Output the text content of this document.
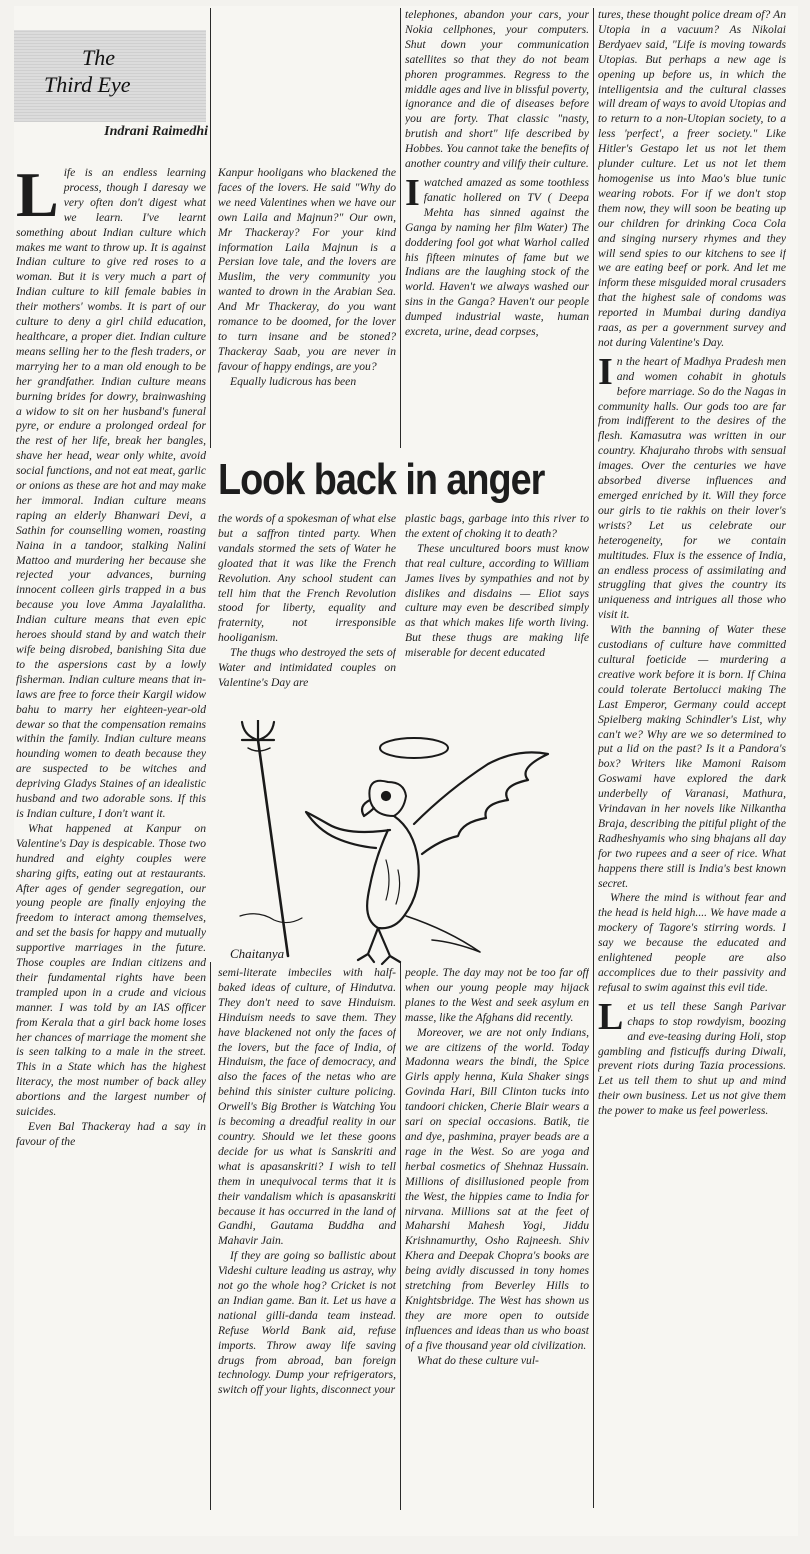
The
Third Eye
Indrani Raimedhi

Life is an endless learning process, though I daresay we very often don't digest what we learn. I've learnt something about Indian culture which makes me want to throw up. It is against Indian culture to give red roses to a woman. But it is very much a part of Indian culture to kill female babies in their mothers' wombs. It is part of our culture to deny a girl child education, healthcare, a proper diet. Indian culture means selling her to the flesh traders, or marrying her to a man old enough to be her grandfather. Indian culture means burning brides for dowry, brainwashing a widow to sit on her husband's funeral pyre, or endure a prolonged ordeal for the rest of her life, break her bangles, shave her head, wear only white, avoid social functions, and not eat meat, garlic or onions as these are hot and may make her immoral. Indian culture means raping an elderly Bhanwari Devi, a Sathin for counselling women, roasting Naina in a tandoor, stalking Nalini Mattoo and murdering her because she rejected your advances, burning innocent colleen girls trapped in a bus because you love Amma Jayalalitha. Indian culture means that even epic heroes should stand by and watch their wife being disrobed, banishing Sita due to the aspersions cast by a lowly fisherman. Indian culture means that in-laws are free to force their Kargil widow bahu to marry her eighteen-year-old dewar so that the compensation remains within the family. Indian culture means hounding women to death because they are suspected to be witches and depriving Gladys Staines of an idealistic husband and two adorable sons. If this is Indian culture, I don't want it.

What happened at Kanpur on Valentine's Day is despicable. Those two hundred and eighty couples were sharing gifts, eating out at restaurants. After ages of gender segregation, our young people are finally enjoying the freedom to interact among themselves, and set the basis for happy and mutually supportive marriages in the future. Those couples are Indian citizens and their fundamental rights have been trampled upon in a crude and vicious manner. I was told by an IAS officer from Kerala that a girl back home loses her chances of marriage the moment she is seen talking to a male in the street. This in a State which has the highest literacy, the most number of back alley abortions and the largest number of suicides.

Even Bal Thackeray had a say in favour of the

Kanpur hooligans who blackened the faces of the lovers. He said "Why do we need Valentines when we have our own Laila and Majnun?" Our own, Mr Thackeray? For your kind information Laila Majnun is a Persian love tale, and the lovers are Muslim, the very community you wanted to drown in the Arabian Sea. And Mr Thackeray, do you want romance to be doomed, for the lover to turn insane and be stoned? Thackeray Saab, you are never in favour of happy endings, are you?

Equally ludicrous has been

telephones, abandon your cars, your Nokia cellphones, your computers. Shut down your communication satellites so that they do not beam phoren programmes. Regress to the middle ages and live in blissful poverty, ignorance and die of diseases before you are forty. That classic "nasty, brutish and short" life described by Hobbes. You cannot take the benefits of another country and vilify their culture.

Iwatched amazed as some toothless fanatic hollered on TV ( Deepa Mehta has sinned against the Ganga by naming her film Water) The doddering fool got what Warhol called his fifteen minutes of fame but we Indians are the laughing stock of the world. Haven't we always washed our sins in the Ganga? Haven't our people dumped industrial waste, human excreta, urine, dead corpses,

tures, these thought police dream of? An Utopia in a vacuum? As Nikolai Berdyaev said, "Life is moving towards Utopias. But perhaps a new age is opening up before us, in which the intelligentsia and the cultural classes will dream of ways to avoid Utopias and to return to a non-Utopian society, to a less 'perfect', a freer society." Like Hitler's Gestapo let us not let them plunder culture. Let us not let them homogenise us into Mao's blue tunic wearing robots. For if we don't stop them now, they will soon be beating up our children for drinking Coca Cola and singing nursery rhymes and they will send spies to our kitchens to see if we are eating beef or pork. And let me inform these misguided moral crusaders that the highest sale of condoms was reported in Mumbai during dandiya raas, as per a government survey and not during Valentine's Day.

In the heart of Madhya Pradesh men and women cohabit in ghotuls before marriage. So do the Nagas in community halls. Our gods too are far from indifferent to the desires of the flesh. Kamasutra was written in our country. Khajuraho throbs with sensual images. Over the centuries we have absorbed diverse influences and emerged enriched by it. Will they force our girls to tie rakhis on their lover's wrists? Let us celebrate our heterogeneity, for we contain multitudes. Flux is the essence of India, an endless process of assimilating and struggling that gives the country its uniqueness and intrigues all those who visit it.

With the banning of Water these custodians of culture have committed cultural foeticide — murdering a creative work before it is born. If China could tolerate Bertolucci making The Last Emperor, Germany could accept Spielberg making Schindler's List, why can't we? Why are we so determined to put a lid on the past? Is it a Pandora's box? Writers like Mamoni Raisom Goswami have explored the dark underbelly of Varanasi, Mathura, Vrindavan in her novels like Nilkantha Braja, describing the pitiful plight of the Radheshyamis who sing bhajans all day for two rupees and a seer of rice. What happens there still is India's best known secret.

Where the mind is without fear and the head is held high.... We have made a mockery of Tagore's stirring words. I say we because the educated and enlightened people are also accomplices due to their passivity and refusal to swim against this evil tide.

Let us tell these Sangh Parivar chaps to stop rowdyism, boozing and eve-teasing during Holi, stop gambling and fisticuffs during Diwali, prevent riots during Tazia processions. Let us tell them to shut up and mind their own business. Let us not give them the power to make us feel powerless.

Look back in anger

the words of a spokesman of what else but a saffron tinted party. When vandals stormed the sets of Water he gloated that it was like the French Revolution. Any school student can tell him that the French Revolution stood for liberty, equality and fraternity, not irresponsible hooliganism.

The thugs who destroyed the sets of Water and intimidated couples on Valentine's Day are

plastic bags, garbage into this river to the extent of choking it to death?

These uncultured boors must know that real culture, according to William James lives by sympathies and not by dislikes and disdains — Eliot says culture may even be described simply as that which makes life worth living. But these thugs are making life miserable for decent educated

Chaitanya

semi-literate imbeciles with half-baked ideas of culture, of Hindutva. They don't need to save Hinduism. Hinduism needs to save them. They have blackened not only the faces of the lovers, but the face of India, of Hinduism, the face of democracy, and also the faces of the netas who are behind this sinister culture policing. Orwell's Big Brother is Watching You is becoming a dreadful reality in our country. Should we let these goons decide for us what is Sanskriti and what is apasanskriti? I wish to tell them in unequivocal terms that it is their vandalism which is apasanskriti because it has occurred in the land of Gandhi, Gautama Buddha and Mahavir Jain.

If they are going so ballistic about Videshi culture leading us astray, why not go the whole hog? Cricket is not an Indian game. Ban it. Let us have a national gilli-danda team instead. Refuse World Bank aid, refuse imports. Throw away life saving drugs from abroad, ban foreign technology. Dump your refrigerators, switch off your lights, disconnect your

people. The day may not be too far off when our young people may hijack planes to the West and seek asylum en masse, like the Afghans did recently.

Moreover, we are not only Indians, we are citizens of the world. Today Madonna wears the bindi, the Spice Girls apply henna, Kula Shaker sings Govinda Hari, Bill Clinton tucks into tandoori chicken, Cherie Blair wears a sari on special occasions. Batik, tie and dye, pashmina, prayer beads are a rage in the West. So are yoga and herbal cosmetics of Shehnaz Hussain. Millions of disillusioned people from the West, the hippies came to India for nirvana. Millions sat at the feet of Maharshi Mahesh Yogi, Jiddu Krishnamurthy, Osho Rajneesh. Shiv Khera and Deepak Chopra's books are being avidly discussed in tony homes stretching from Beverley Hills to Knightsbridge. The West has shown us they are more open to outside influences and ideas than us who boast of a five thousand year old civilization.

What do these culture vul-
